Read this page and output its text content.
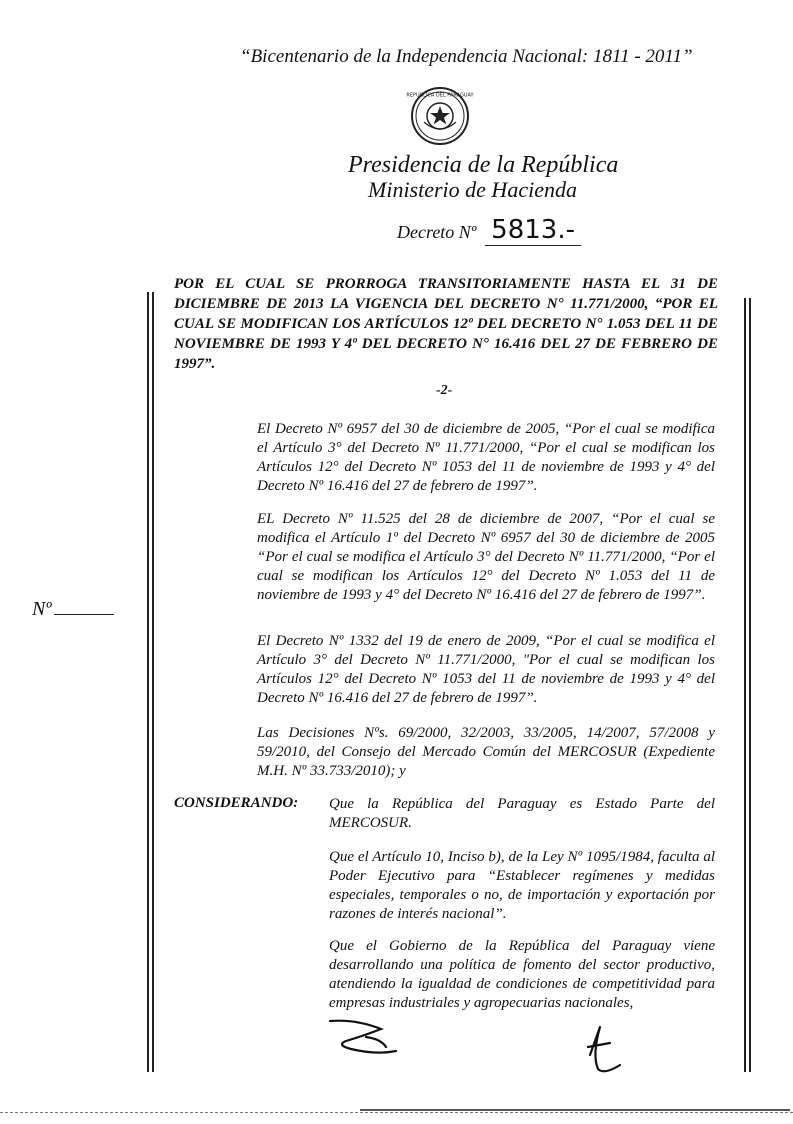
“Bicentenario de la Independencia Nacional: 1811 - 2011”
REPUBLICA DEL PARAGUAY
Presidencia de la República
Ministerio de Hacienda
Decreto Nº 5813.-
POR EL CUAL SE PRORROGA TRANSITORIAMENTE HASTA EL 31 DE DICIEMBRE DE 2013 LA VIGENCIA DEL DECRETO N° 11.771/2000, “POR EL CUAL SE MODIFICAN LOS ARTÍCULOS 12º DEL DECRETO N° 1.053 DEL 11 DE NOVIEMBRE DE 1993 Y 4º DEL DECRETO N° 16.416 DEL 27 DE FEBRERO DE 1997”.
-2-
El Decreto Nº 6957 del 30 de diciembre de 2005, “Por el cual se modifica el Artículo 3° del Decreto Nº 11.771/2000, “Por el cual se modifican los Artículos 12° del Decreto Nº 1053 del 11 de noviembre de 1993 y 4° del Decreto Nº 16.416 del 27 de febrero de 1997”.
EL Decreto Nº 11.525 del 28 de diciembre de 2007, “Por el cual se modifica el Artículo 1º del Decreto Nº 6957 del 30 de diciembre de 2005 “Por el cual se modifica el Artículo 3° del Decreto Nº 11.771/2000, “Por el cual se modifican los Artículos 12° del Decreto Nº 1.053 del 11 de noviembre de 1993 y 4° del Decreto Nº 16.416 del 27 de febrero de 1997”.
El Decreto Nº 1332 del 19 de enero de 2009, “Por el cual se modifica el Artículo 3° del Decreto Nº 11.771/2000, "Por el cual se modifican los Artículos 12° del Decreto Nº 1053 del 11 de noviembre de 1993 y 4° del Decreto Nº 16.416 del 27 de febrero de 1997”.
Las Decisiones Nºs. 69/2000, 32/2003, 33/2005, 14/2007, 57/2008 y 59/2010, del Consejo del Mercado Común del MERCOSUR (Expediente M.H. Nº 33.733/2010); y
CONSIDERANDO: Que la República del Paraguay es Estado Parte del MERCOSUR.
Que el Artículo 10, Inciso b), de la Ley Nº 1095/1984, faculta al Poder Ejecutivo para “Establecer regímenes y medidas especiales, temporales o no, de importación y exportación por razones de interés nacional”.
Que el Gobierno de la República del Paraguay viene desarrollando una política de fomento del sector productivo, atendiendo la igualdad de condiciones de competitividad para empresas industriales y agropecuarias nacionales,
Nº
